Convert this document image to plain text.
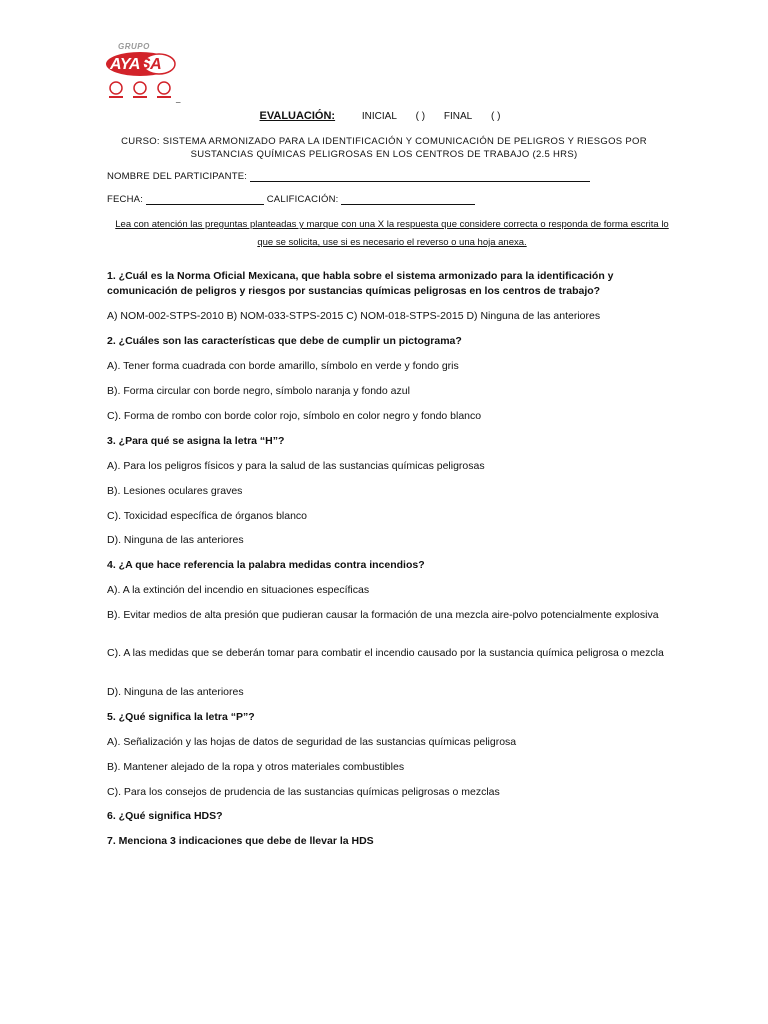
GRUPO
AYASA
_
EVALUACIÓN:	INICIAL ( ) FINAL ( )
CURSO: SISTEMA ARMONIZADO PARA LA IDENTIFICACIÓN Y COMUNICACIÓN DE PELIGROS Y RIESGOS POR SUSTANCIAS QUÍMICAS PELIGROSAS EN LOS CENTROS DE TRABAJO (2.5 HRS)
NOMBRE DEL PARTICIPANTE:
FECHA:	CALIFICACIÓN:
Lea con atención las preguntas planteadas y marque con una X la respuesta que considere correcta o responda de forma escrita lo que se solicita, use si es necesario el reverso o una hoja anexa.
1. ¿Cuál es la Norma Oficial Mexicana, que habla sobre el sistema armonizado para la identificación y comunicación de peligros y riesgos por sustancias químicas peligrosas en los centros de trabajo?
A) NOM-002-STPS-2010 B) NOM-033-STPS-2015 C) NOM-018-STPS-2015 D) Ninguna de las anteriores
2. ¿Cuáles son las características que debe de cumplir un pictograma?
A). Tener forma cuadrada con borde amarillo, símbolo en verde y fondo gris
B). Forma circular con borde negro, símbolo naranja y fondo azul
C). Forma de rombo con borde color rojo, símbolo en color negro y fondo blanco
3. ¿Para qué se asigna la letra “H”?
A). Para los peligros físicos y para la salud de las sustancias químicas peligrosas
B). Lesiones oculares graves
C). Toxicidad específica de órganos blanco
D). Ninguna de las anteriores
4. ¿A que hace referencia la palabra medidas contra incendios?
A). A la extinción del incendio en situaciones específicas
B). Evitar medios de alta presión que pudieran causar la formación de una mezcla aire-polvo potencialmente explosiva
C). A las medidas que se deberán tomar para combatir el incendio causado por la sustancia química peligrosa o mezcla
D). Ninguna de las anteriores
5. ¿Qué significa la letra “P”?
A). Señalización y las hojas de datos de seguridad de las sustancias químicas peligrosa
B). Mantener alejado de la ropa y otros materiales combustibles
C). Para los consejos de prudencia de las sustancias químicas peligrosas o mezclas
6. ¿Qué significa HDS?
7. Menciona 3 indicaciones que debe de llevar la HDS
